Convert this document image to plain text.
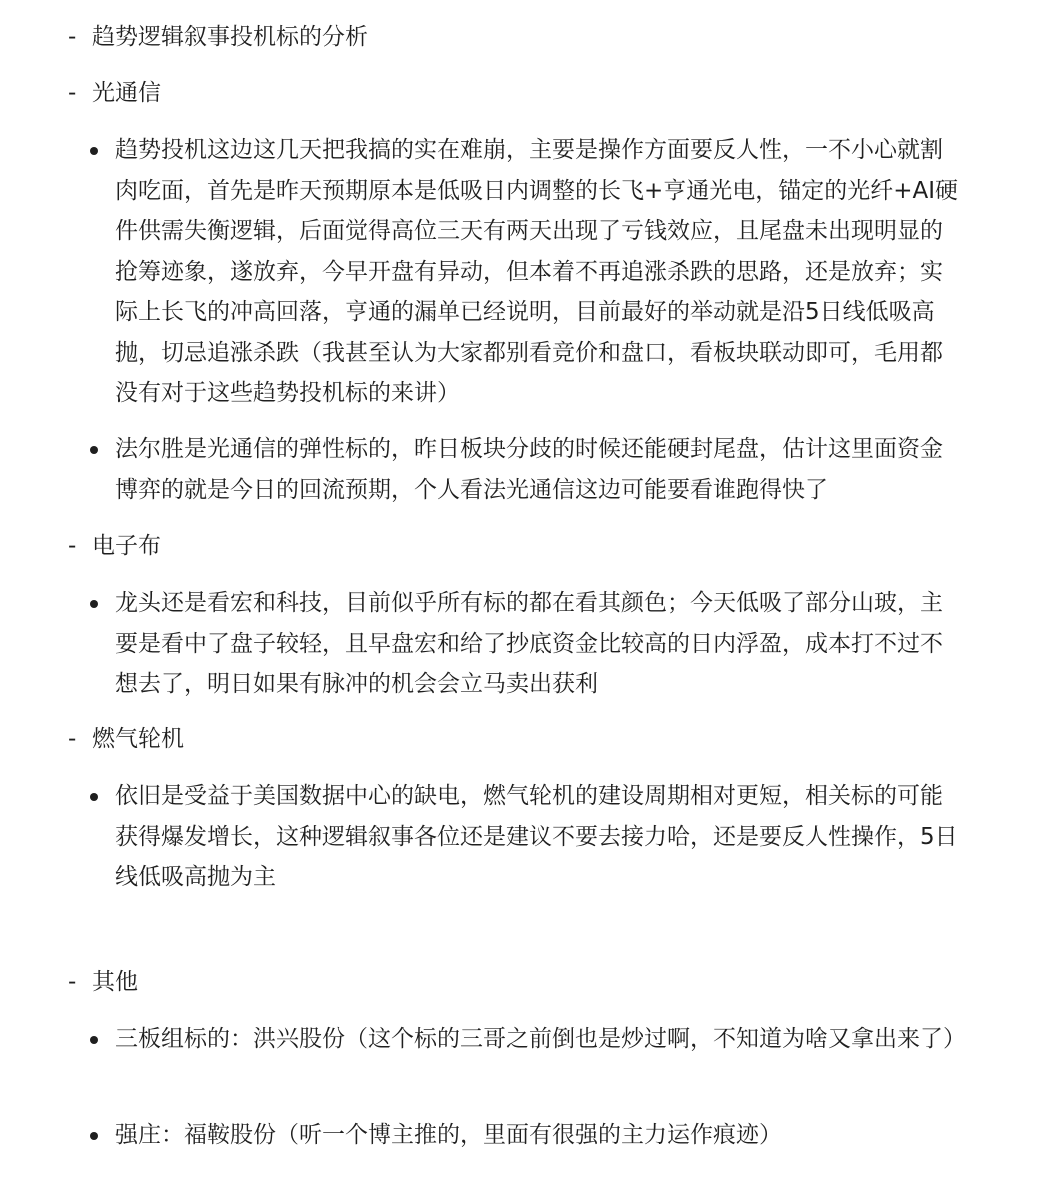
- 趋势逻辑叙事投机标的分析
- 光通信
趋势投机这边这几天把我搞的实在难崩，主要是操作方面要反人性，一不小心就割肉吃面，首先是昨天预期原本是低吸日内调整的长飞+亨通光电，锚定的光纤+AI硬件供需失衡逻辑，后面觉得高位三天有两天出现了亏钱效应，且尾盘未出现明显的抢筹迹象，遂放弃，今早开盘有异动，但本着不再追涨杀跌的思路，还是放弃；实际上长飞的冲高回落，亨通的漏单已经说明，目前最好的举动就是沿5日线低吸高抛，切忌追涨杀跌（我甚至认为大家都别看竞价和盘口，看板块联动即可，毛用都没有对于这些趋势投机标的来讲）
法尔胜是光通信的弹性标的，昨日板块分歧的时候还能硬封尾盘，估计这里面资金博弈的就是今日的回流预期，个人看法光通信这边可能要看谁跑得快了
- 电子布
龙头还是看宏和科技，目前似乎所有标的都在看其颜色；今天低吸了部分山玻，主要是看中了盘子较轻，且早盘宏和给了抄底资金比较高的日内浮盈，成本打不过不想去了，明日如果有脉冲的机会会立马卖出获利
- 燃气轮机
依旧是受益于美国数据中心的缺电，燃气轮机的建设周期相对更短，相关标的可能获得爆发增长，这种逻辑叙事各位还是建议不要去接力哈，还是要反人性操作，5日线低吸高抛为主
- 其他
三板组标的：洪兴股份（这个标的三哥之前倒也是炒过啊，不知道为啥又拿出来了）
强庄：福鞍股份（听一个博主推的，里面有很强的主力运作痕迹）
